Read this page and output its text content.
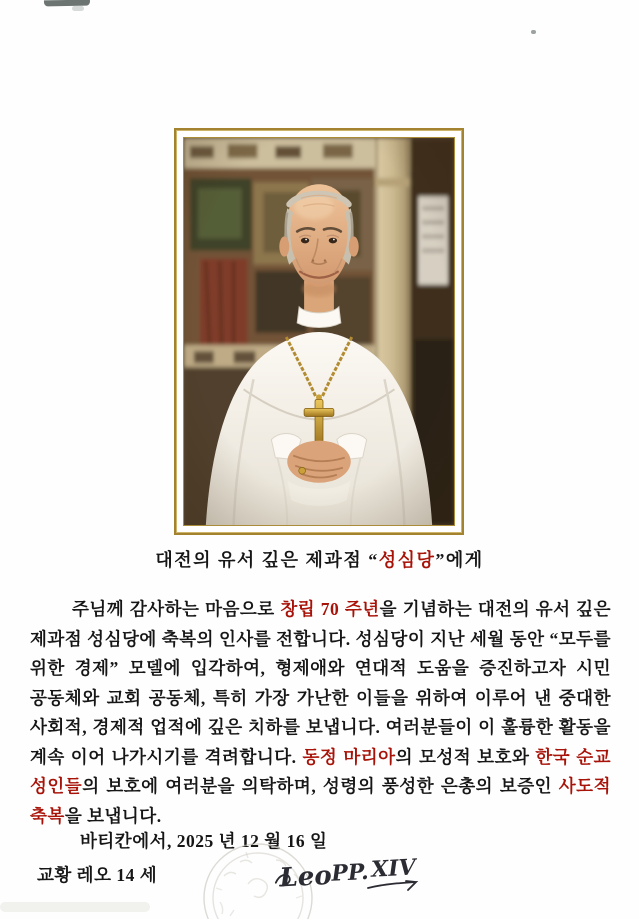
대전의 유서 깊은 제과점 “성심당”에게
주님께 감사하는 마음으로 창립 70 주년을 기념하는 대전의 유서 깊은 제과점 성심당에 축복의 인사를 전합니다. 성심당이 지난 세월 동안 “모두를 위한 경제” 모델에 입각하여, 형제애와 연대적 도움을 증진하고자 시민 공동체와 교회 공동체, 특히 가장 가난한 이들을 위하여 이루어 낸 중대한 사회적, 경제적 업적에 깊은 치하를 보냅니다. 여러분들이 이 훌륭한 활동을 계속 이어 나가시기를 격려합니다. 동정 마리아의 모성적 보호와 한국 순교 성인들의 보호에 여러분을 의탁하며, 성령의 풍성한 은총의 보증인 사도적 축복을 보냅니다.
바티칸에서, 2025 년 12 월 16 일
교황 레오 14 세	Leo
PP. XIV
